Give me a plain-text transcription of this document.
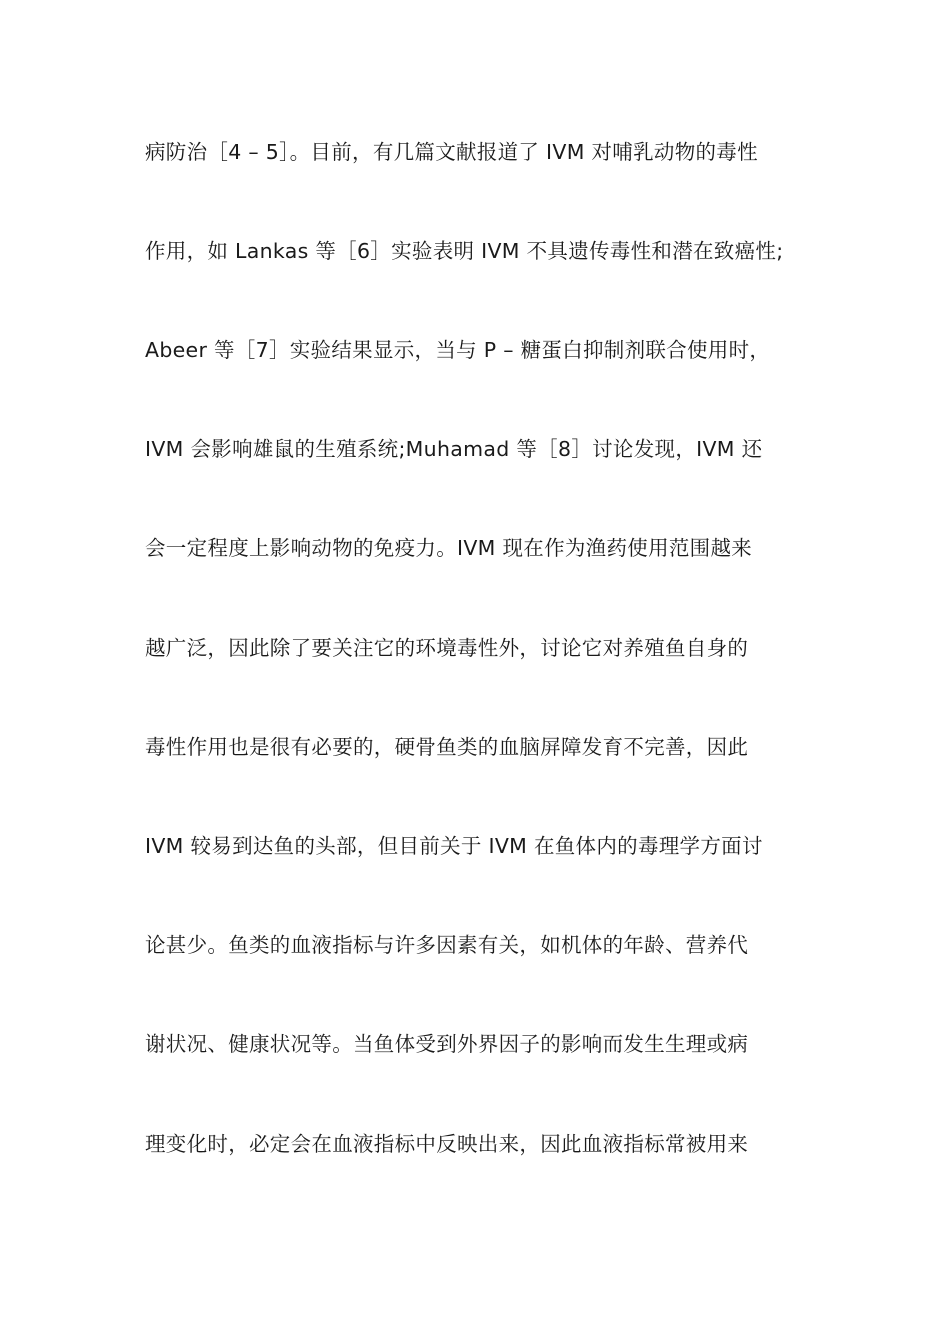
病防治［4 – 5］。目前，有几篇文献报道了 IVM 对哺乳动物的毒性
作用，如 Lankas 等［6］实验表明 IVM 不具遗传毒性和潜在致癌性;
Abeer 等［7］实验结果显示，当与 P – 糖蛋白抑制剂联合使用时，
IVM 会影响雄鼠的生殖系统;Muhamad 等［8］讨论发现，IVM 还
会一定程度上影响动物的免疫力。IVM 现在作为渔药使用范围越来
越广泛，因此除了要关注它的环境毒性外，讨论它对养殖鱼自身的
毒性作用也是很有必要的，硬骨鱼类的血脑屏障发育不完善，因此
IVM 较易到达鱼的头部，但目前关于 IVM 在鱼体内的毒理学方面讨
论甚少。鱼类的血液指标与许多因素有关，如机体的年龄、营养代
谢状况、健康状况等。当鱼体受到外界因子的影响而发生生理或病
理变化时，必定会在血液指标中反映出来，因此血液指标常被用来
